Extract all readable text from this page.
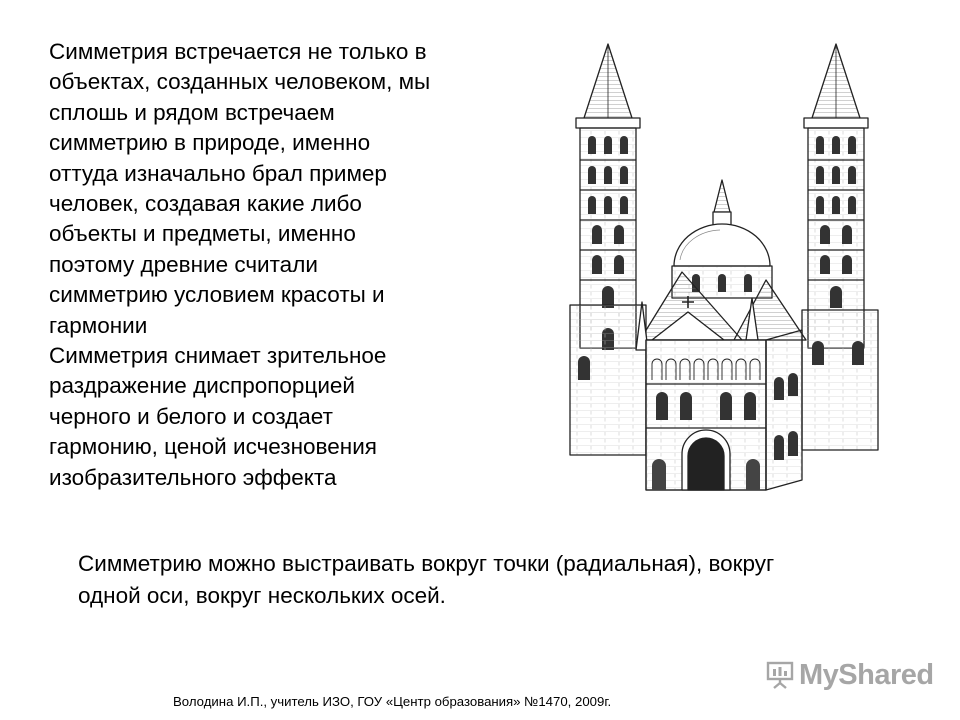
Симметрия встречается не только в
объектах, созданных человеком, мы
сплошь и рядом встречаем
симметрию в природе, именно
оттуда изначально брал пример
человек, создавая какие либо
объекты и предметы, именно
поэтому древние считали
симметрию условием красоты и
гармонии

Симметрия снимает зрительное
раздражение диспропорцией
черного и белого и создает
гармонию, ценой исчезновения
изобразительного эффекта

Симметрию можно выстраивать вокруг точки (радиальная), вокруг
одной оси, вокруг нескольких осей.
MyShared
Володина И.П., учитель ИЗО, ГОУ «Центр образования» №1470, 2009г.
